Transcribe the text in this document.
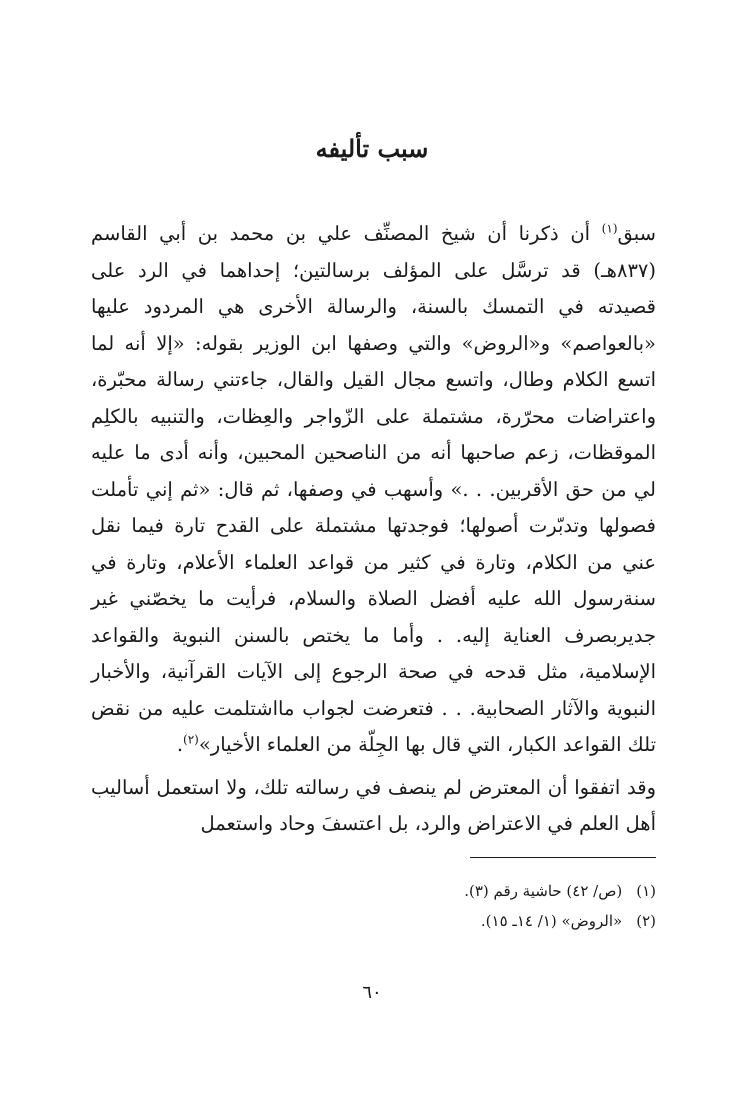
سبب تأليفه

سبق$^{(١)}$ أن ذكرنا أن شيخ المصنِّف علي بن محمد بن أبي القاسم (٨٣٧هـ) قد ترسَّل على المؤلف برسالتين؛ إحداهما في الرد على قصيدته في التمسك بالسنة، والرسالة الأخرى هي المردود عليها «بالعواصم» و«الروض» والتي وصفها ابن الوزير بقوله: «إلا أنه لما اتسع الكلام وطال، واتسع مجال القيل والقال، جاءتني رسالة محبّرة، واعتراضات محرّرة، مشتملة على الزّواجر والعِظات، والتنبيه بالكلِم الموقظات، زعم صاحبها أنه من الناصحين المحبين، وأنه أدى ما عليه لي من حق الأقربين. . .» وأسهب في وصفها، ثم قال: «ثم إني تأملت فصولها وتدبّرت أصولها؛ فوجدتها مشتملة على القدح تارة فيما نقل عني من الكلام، وتارة في كثير من قواعد العلماء الأعلام، وتارة في سنةرسول الله عليه أفضل الصلاة والسلام، فرأيت ما يخصّني غير جديربصرف العناية إليه. . وأما ما يختص بالسنن النبوية والقواعد الإسلامية، مثل قدحه في صحة الرجوع إلى الآيات القرآنية، والأخبار النبوية والآثار الصحابية. . . فتعرضت لجواب مااشتلمت عليه من نقض تلك القواعد الكبار، التي قال بها الجِلّة من العلماء الأخيار»$^{(٢)}$.

وقد اتفقوا أن المعترض لم ينصف في رسالته تلك، ولا استعمل أساليب أهل العلم في الاعتراض والرد، بل اعتسفَ وحاد واستعمل

(١)
(ص/ ٤٢) حاشية رقم (٣).
(٢)
«الروض» (١/ ١٤ـ ١٥).
٦٠
